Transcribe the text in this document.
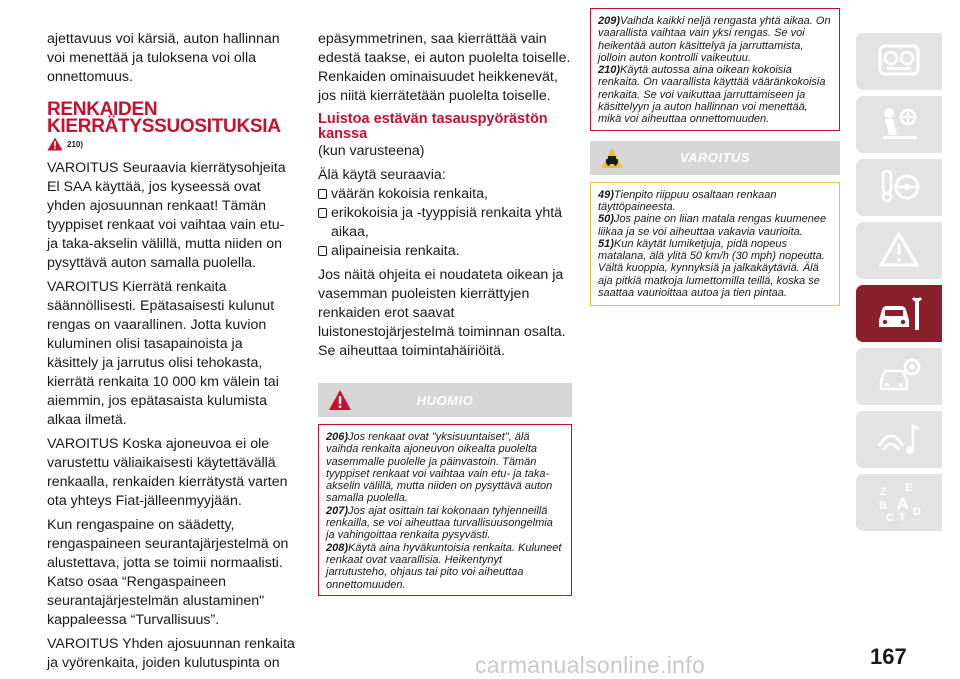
ajettavuus voi kärsiä, auton hallinnan voi menettää ja tuloksena voi olla onnettomuus.

RENKAIDEN
KIERRÄTYSSUOSITUKSIA
210)

VAROITUS Seuraavia kierrätysohjeita El SAA käyttää, jos kyseessä ovat yhden ajosuunnan renkaat! Tämän tyyppiset renkaat voi vaihtaa vain etu- ja taka-akselin välillä, mutta niiden on pysyttävä auton samalla puolella.

VAROITUS Kierrätä renkaita säännöllisesti. Epätasaisesti kulunut rengas on vaarallinen. Jotta kuvion kuluminen olisi tasapainoista ja käsittely ja jarrutus olisi tehokasta, kierrätä renkaita 10 000 km välein tai aiemmin, jos epätasaista kulumista alkaa ilmetä.

VAROITUS Koska ajoneuvoa ei ole varustettu väliaikaisesti käytettävällä renkaalla, renkaiden kierrätystä varten ota yhteys Fiat-jälleenmyyjään.

Kun rengaspaine on säädetty, rengaspaineen seurantajärjestelmä on alustettava, jotta se toimii normaalisti. Katso osaa “Rengaspaineen seurantajärjestelmän alustaminen" kappaleessa “Turvallisuus”.

VAROITUS Yhden ajosuunnan renkaita ja vyörenkaita, joiden kulutuspinta on

epäsymmetrinen, saa kierrättää vain edestä taakse, ei auton puolelta toiselle. Renkaiden ominaisuudet heikkenevät, jos niitä kierrätetään puolelta toiselle.

Luistoa estävän tasauspyörästön kanssa

(kun varusteena)

Älä käytä seuraavia:

väärän kokoisia renkaita,
erikokoisia ja -tyyppisiä renkaita yhtä aikaa,
alipaineisia renkaita.

Jos näitä ohjeita ei noudateta oikean ja vasemman puoleisten kierrättyjen renkaiden erot saavat luistonestojärjestelmä toiminnan osalta. Se aiheuttaa toimintahäiriöitä.

HUOMIO

206)Jos renkaat ovat "yksisuuntaiset", älä vaihda renkaita ajoneuvon oikealta puolelta vasemmalle puolelle ja päinvastoin. Tämän tyyppiset renkaat voi vaihtaa vain etu- ja taka-akselin välillä, mutta niiden on pysyttävä auton samalla puolella.

207)Jos ajat osittain tai kokonaan tyhjenneillä renkailla, se voi aiheuttaa turvallisuusongelmia ja vahingoittaa renkaita pysyvästi.

208)Käytä aina hyväkuntoisia renkaita. Kuluneet renkaat ovat vaarallisia. Heikentynyt jarrutusteho, ohjaus tai pito voi aiheuttaa onnettomuuden.

209)Vaihda kaikki neljä rengasta yhtä aikaa. On vaarallista vaihtaa vain yksi rengas. Se voi heikentää auton käsittelyä ja jarruttamista, jolloin auton kontrolli vaikeutuu.

210)Käytä autossa aina oikean kokoisia renkaita. On vaarallista käyttää vääränkokoisia renkaita. Se voi vaikuttaa jarruttamiseen ja käsittelyyn ja auton hallinnan voi menettää, mikä voi aiheuttaa onnettomuuden.

VAROITUS

49)Tienpito riippuu osaltaan renkaan täyttöpaineesta.

50)Jos paine on liian matala rengas kuumenee liikaa ja se voi aiheuttaa vakavia vaurioita.

51)Kun käytät lumiketjuja, pidä nopeus matalana, älä ylitä 50 km/h (30 mph) nopeutta. Vältä kuoppia, kynnyksiä ja jalkakäytäviä. Älä aja pitkiä matkoja lumettomilla teillä, koska se saattaa vaurioittaa autoa ja tien pintaa.

Z E
B A
C T D
167
carmanualsonline.info
